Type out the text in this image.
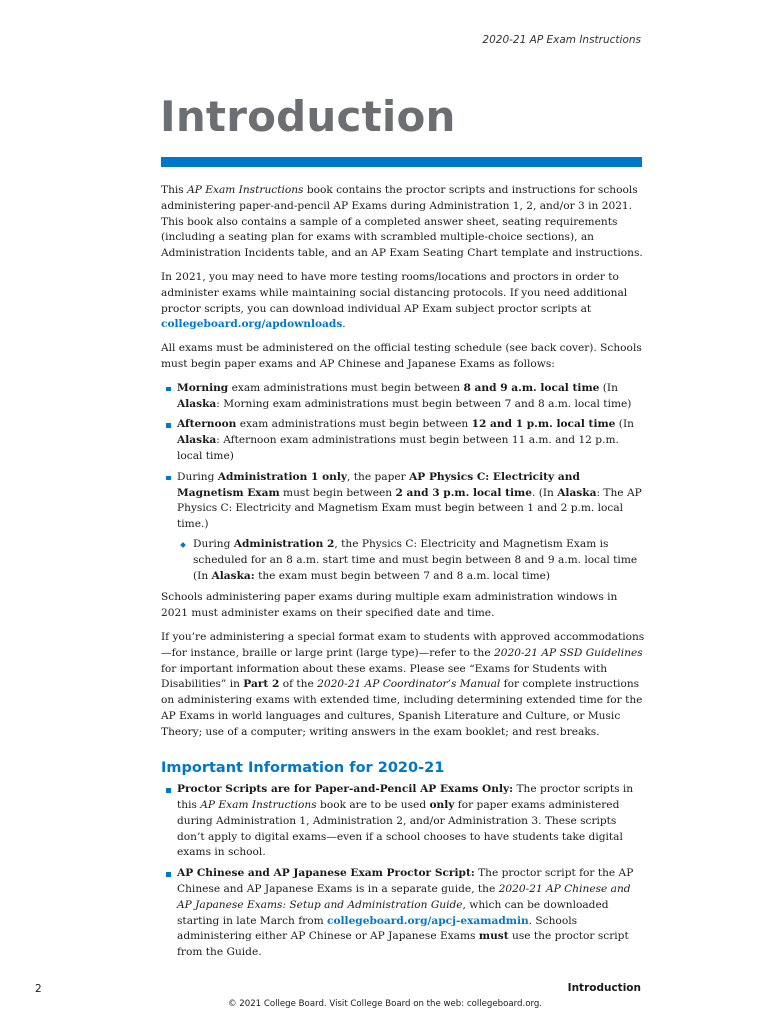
2020-21 AP Exam Instructions
Introduction

This AP Exam Instructions book contains the proctor scripts and instructions for schools administering paper-and-pencil AP Exams during Administration 1, 2, and/or 3 in 2021. This book also contains a sample of a completed answer sheet, seating requirements (including a seating plan for exams with scrambled multiple-choice sections), an Administration Incidents table, and an AP Exam Seating Chart template and instructions.

In 2021, you may need to have more testing rooms/locations and proctors in order to administer exams while maintaining social distancing protocols. If you need additional proctor scripts, you can download individual AP Exam subject proctor scripts at collegeboard.org/apdownloads.

All exams must be administered on the official testing schedule (see back cover). Schools must begin paper exams and AP Chinese and Japanese Exams as follows:

Morning exam administrations must begin between 8 and 9 a.m. local time (In Alaska: Morning exam administrations must begin between 7 and 8 a.m. local time)
Afternoon exam administrations must begin between 12 and 1 p.m. local time (In Alaska: Afternoon exam administrations must begin between 11 a.m. and 12 p.m. local time)
During Administration 1 only, the paper AP Physics C: Electricity and Magnetism Exam must begin between 2 and 3 p.m. local time. (In Alaska: The AP Physics C: Electricity and Magnetism Exam must begin between 1 and 2 p.m. local time.)
During Administration 2, the Physics C: Electricity and Magnetism Exam is scheduled for an 8 a.m. start time and must begin between 8 and 9 a.m. local time (In Alaska: the exam must begin between 7 and 8 a.m. local time)

Schools administering paper exams during multiple exam administration windows in 2021 must administer exams on their specified date and time.

If you’re administering a special format exam to students with approved accommodations—for instance, braille or large print (large type)—refer to the 2020-21 AP SSD Guidelines for important information about these exams. Please see “Exams for Students with Disabilities” in Part 2 of the 2020-21 AP Coordinator’s Manual for complete instructions on administering exams with extended time, including determining extended time for the AP Exams in world languages and cultures, Spanish Literature and Culture, or Music Theory; use of a computer; writing answers in the exam booklet; and rest breaks.

Important Information for 2020-21
Proctor Scripts are for Paper-and-Pencil AP Exams Only: The proctor scripts in this AP Exam Instructions book are to be used only for paper exams administered during Administration 1, Administration 2, and/or Administration 3. These scripts don’t apply to digital exams—even if a school chooses to have students take digital exams in school.
AP Chinese and AP Japanese Exam Proctor Script: The proctor script for the AP Chinese and AP Japanese Exams is in a separate guide, the 2020-21 AP Chinese and AP Japanese Exams: Setup and Administration Guide, which can be downloaded starting in late March from collegeboard.org/apcj-examadmin. Schools administering either AP Chinese or AP Japanese Exams must use the proctor script from the Guide.
2	Introduction
© 2021 College Board. Visit College Board on the web: collegeboard.org.
